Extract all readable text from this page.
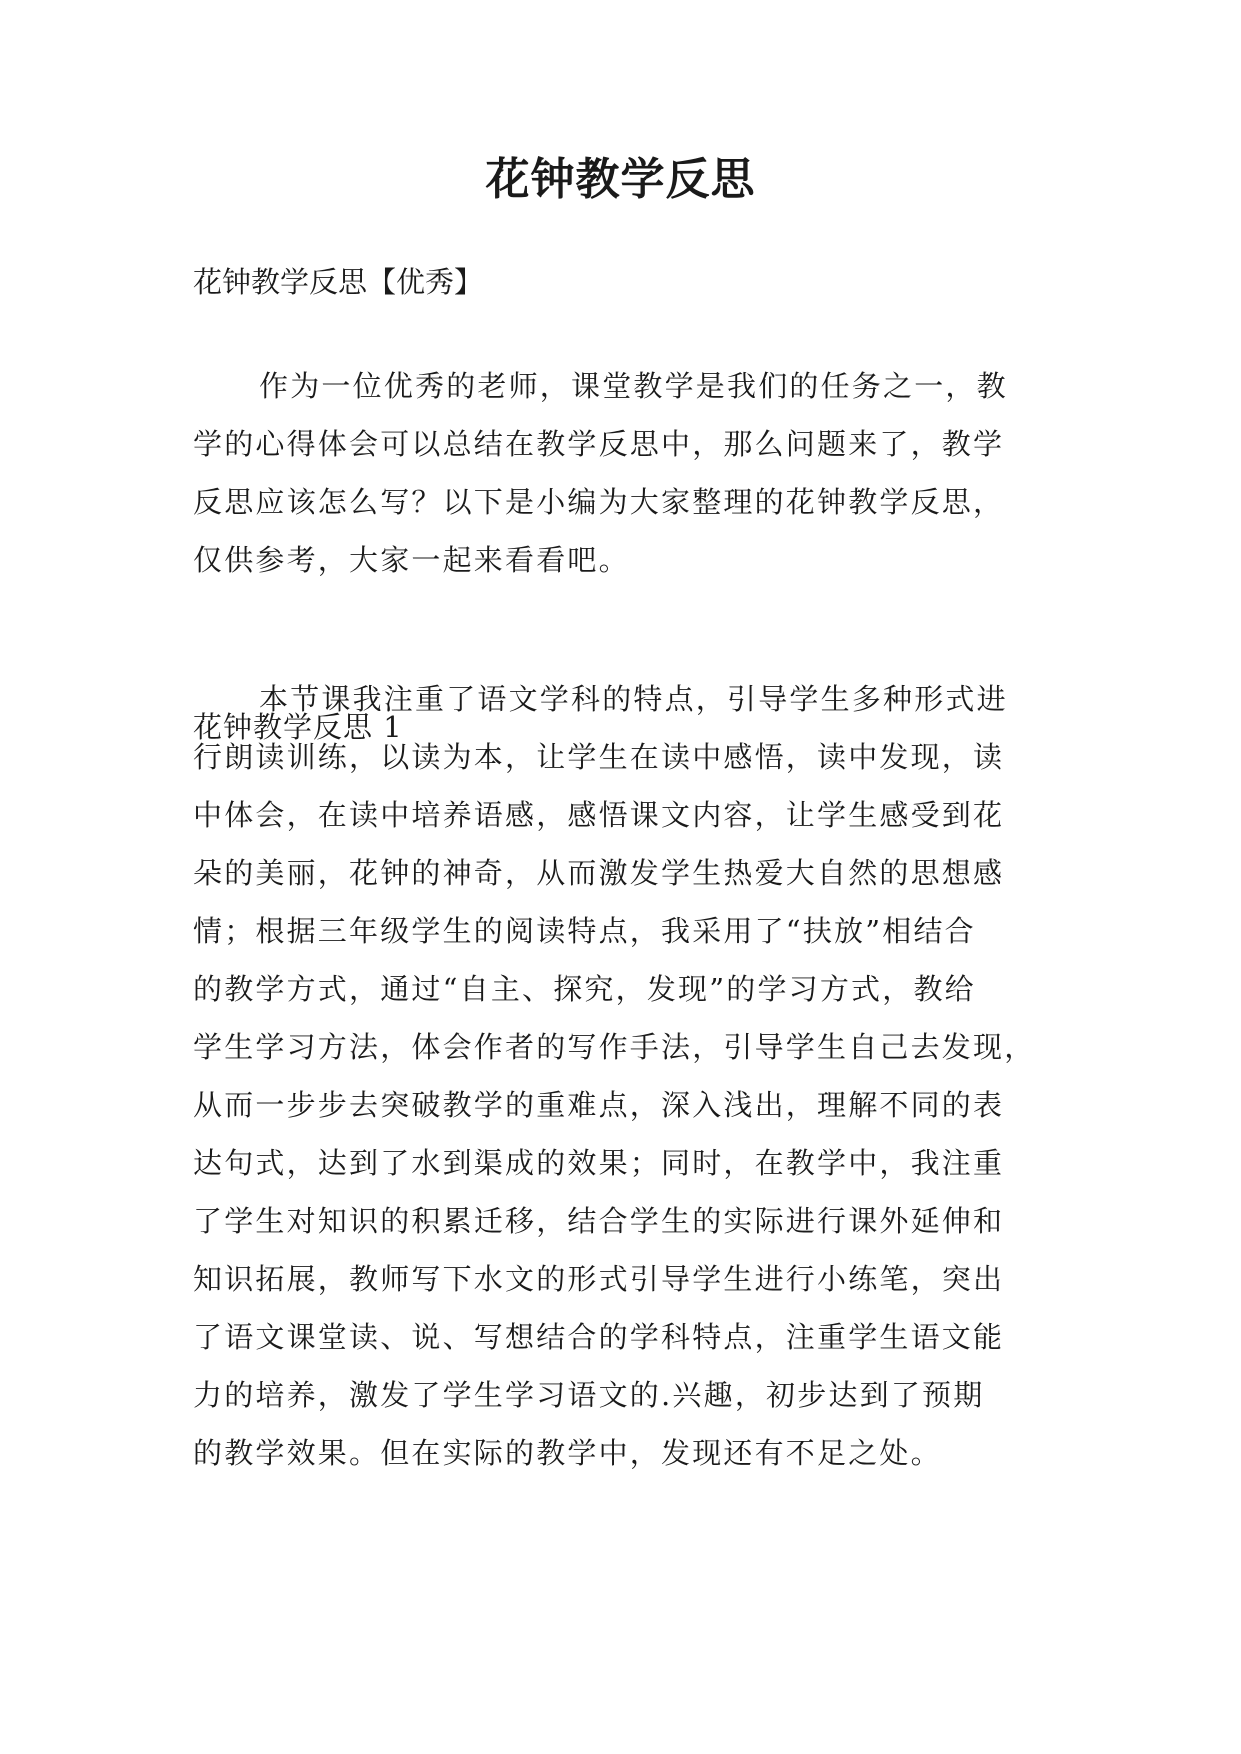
花钟教学反思
花钟教学反思【优秀】
作为一位优秀的老师，课堂教学是我们的任务之一，教
学的心得体会可以总结在教学反思中，那么问题来了，教学
反思应该怎么写？以下是小编为大家整理的花钟教学反思，
仅供参考，大家一起来看看吧。
花钟教学反思 1
本节课我注重了语文学科的特点，引导学生多种形式进
行朗读训练，以读为本，让学生在读中感悟，读中发现，读
中体会，在读中培养语感，感悟课文内容，让学生感受到花
朵的美丽，花钟的神奇，从而激发学生热爱大自然的思想感
情；根据三年级学生的阅读特点，我采用了“扶放”相结合
的教学方式，通过“自主、探究，发现”的学习方式，教给
学生学习方法，体会作者的写作手法，引导学生自己去发现，
从而一步步去突破教学的重难点，深入浅出，理解不同的表
达句式，达到了水到渠成的效果；同时，在教学中，我注重
了学生对知识的积累迁移，结合学生的实际进行课外延伸和
知识拓展，教师写下水文的形式引导学生进行小练笔，突出
了语文课堂读、说、写想结合的学科特点，注重学生语文能
力的培养，激发了学生学习语文的.兴趣，初步达到了预期
的教学效果。但在实际的教学中，发现还有不足之处。
